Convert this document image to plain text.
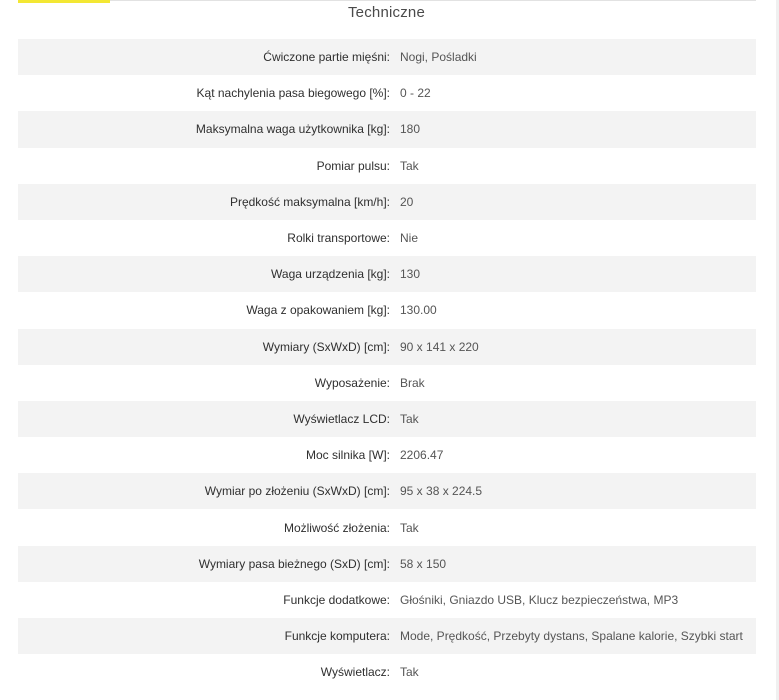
Techniczne
Ćwiczone partie mięśni: Nogi, Pośladki
Kąt nachylenia pasa biegowego [%]: 0 - 22
Maksymalna waga użytkownika [kg]: 180
Pomiar pulsu: Tak
Prędkość maksymalna [km/h]: 20
Rolki transportowe: Nie
Waga urządzenia [kg]: 130
Waga z opakowaniem [kg]: 130.00
Wymiary (SxWxD) [cm]: 90 x 141 x 220
Wyposażenie: Brak
Wyświetlacz LCD: Tak
Moc silnika [W]: 2206.47
Wymiar po złożeniu (SxWxD) [cm]: 95 x 38 x 224.5
Możliwość złożenia: Tak
Wymiary pasa bieżnego (SxD) [cm]: 58 x 150
Funkcje dodatkowe: Głośniki, Gniazdo USB, Klucz bezpieczeństwa, MP3
Funkcje komputera: Mode, Prędkość, Przebyty dystans, Spalane kalorie, Szybki start
Wyświetlacz: Tak
